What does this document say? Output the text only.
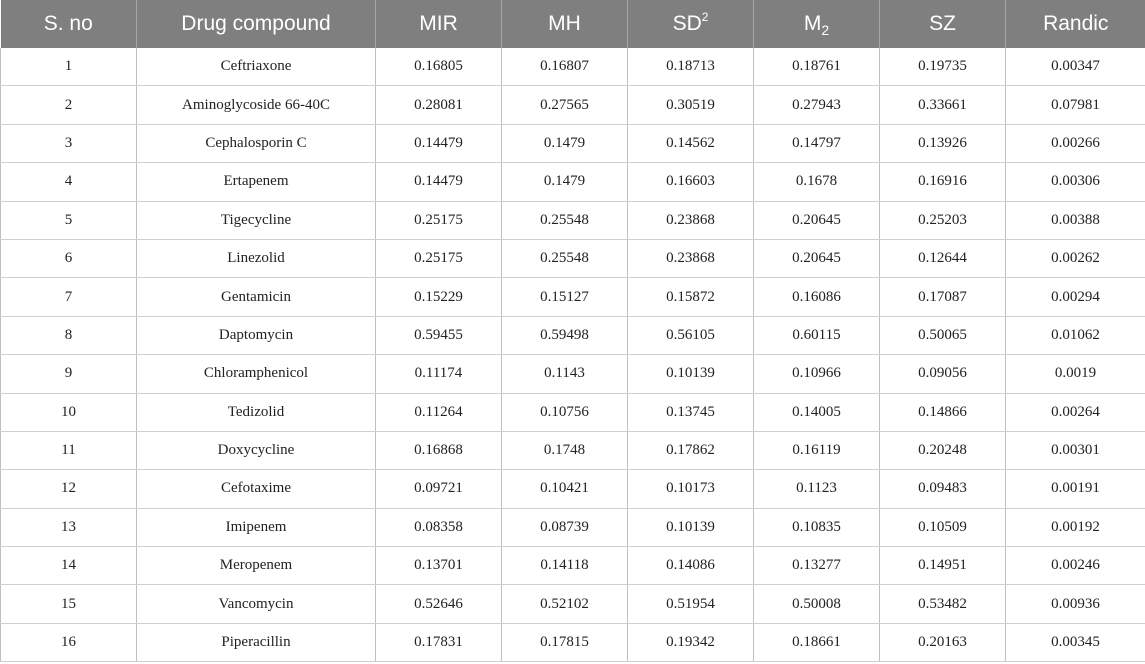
S. no	Drug compound	MIR	MH	$SD^2$	$M_2$	SZ	Randic
1	Ceftriaxone	0.16805	0.16807	0.18713	0.18761	0.19735	0.00347
2	Aminoglycoside 66-40C	0.28081	0.27565	0.30519	0.27943	0.33661	0.07981
3	Cephalosporin C	0.14479	0.1479	0.14562	0.14797	0.13926	0.00266
4	Ertapenem	0.14479	0.1479	0.16603	0.1678	0.16916	0.00306
5	Tigecycline	0.25175	0.25548	0.23868	0.20645	0.25203	0.00388
6	Linezolid	0.25175	0.25548	0.23868	0.20645	0.12644	0.00262
7	Gentamicin	0.15229	0.15127	0.15872	0.16086	0.17087	0.00294
8	Daptomycin	0.59455	0.59498	0.56105	0.60115	0.50065	0.01062
9	Chloramphenicol	0.11174	0.1143	0.10139	0.10966	0.09056	0.0019
10	Tedizolid	0.11264	0.10756	0.13745	0.14005	0.14866	0.00264
11	Doxycycline	0.16868	0.1748	0.17862	0.16119	0.20248	0.00301
12	Cefotaxime	0.09721	0.10421	0.10173	0.1123	0.09483	0.00191
13	Imipenem	0.08358	0.08739	0.10139	0.10835	0.10509	0.00192
14	Meropenem	0.13701	0.14118	0.14086	0.13277	0.14951	0.00246
15	Vancomycin	0.52646	0.52102	0.51954	0.50008	0.53482	0.00936
16	Piperacillin	0.17831	0.17815	0.19342	0.18661	0.20163	0.00345
